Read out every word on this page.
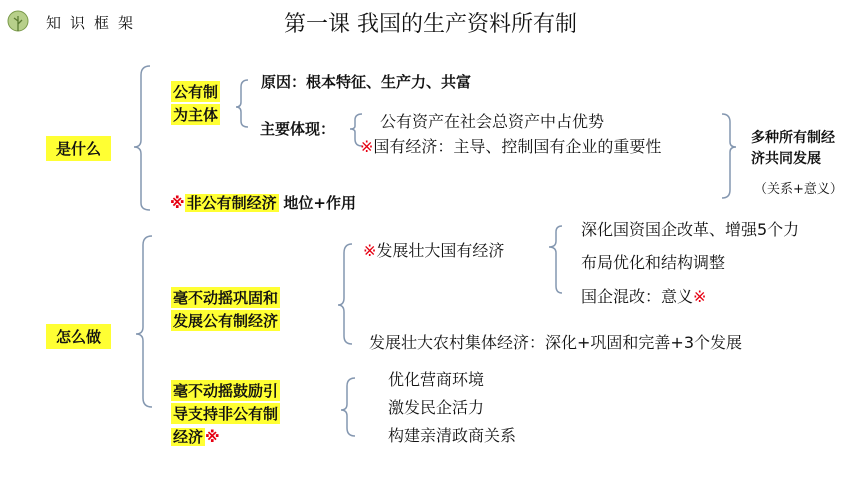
知识框架	第一课 我国的生产资料所有制
是什么
公有制
为主体
原因：根本特征、生产力、共富
主要体现：	公有资产在社会总资产中占优势
※国有经济：主导、控制国有企业的重要性
※ 非公有制经济 地位+作用
多种所有制经
济共同发展
（关系+意义）
怎么做
毫不动摇巩固和
发展公有制经济
※发展壮大国有经济
深化国资国企改革、增强5个力
布局优化和结构调整
国企混改：意义※
发展壮大农村集体经济：深化+巩固和完善+3个发展
毫不动摇鼓励引
导支持非公有制
经济 ※
优化营商环境
激发民企活力
构建亲清政商关系
